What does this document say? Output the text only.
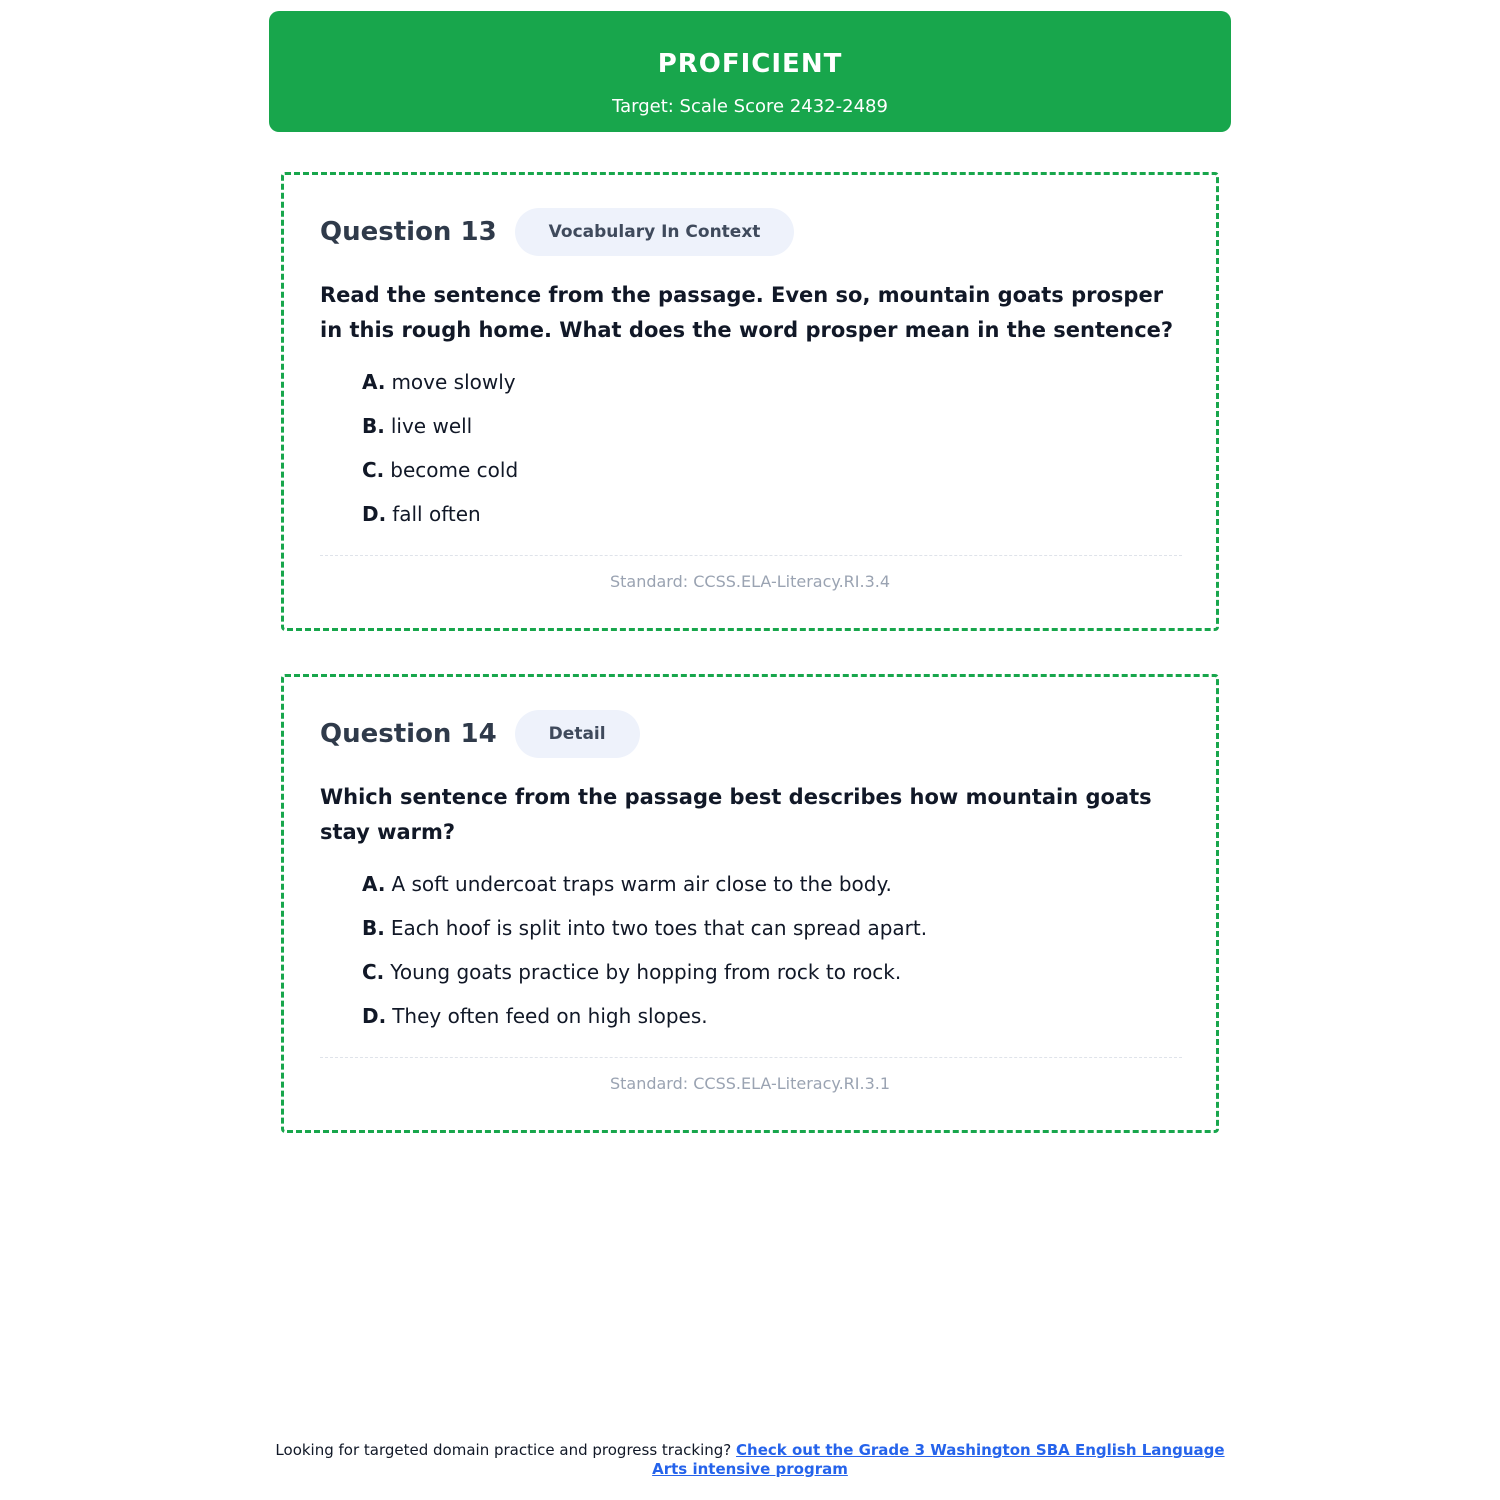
PROFICIENT
Target: Scale Score 2432-2489
Question 13	Vocabulary In Context
Read the sentence from the passage. Even so, mountain goats prosper in this rough home. What does the word prosper mean in the sentence?
A. move slowly
B. live well
C. become cold
D. fall often
Standard: CCSS.ELA-Literacy.RI.3.4
Question 14	Detail
Which sentence from the passage best describes how mountain goats stay warm?
A. A soft undercoat traps warm air close to the body.
B. Each hoof is split into two toes that can spread apart.
C. Young goats practice by hopping from rock to rock.
D. They often feed on high slopes.
Standard: CCSS.ELA-Literacy.RI.3.1
Looking for targeted domain practice and progress tracking? Check out the Grade 3 Washington SBA English Language Arts intensive program
